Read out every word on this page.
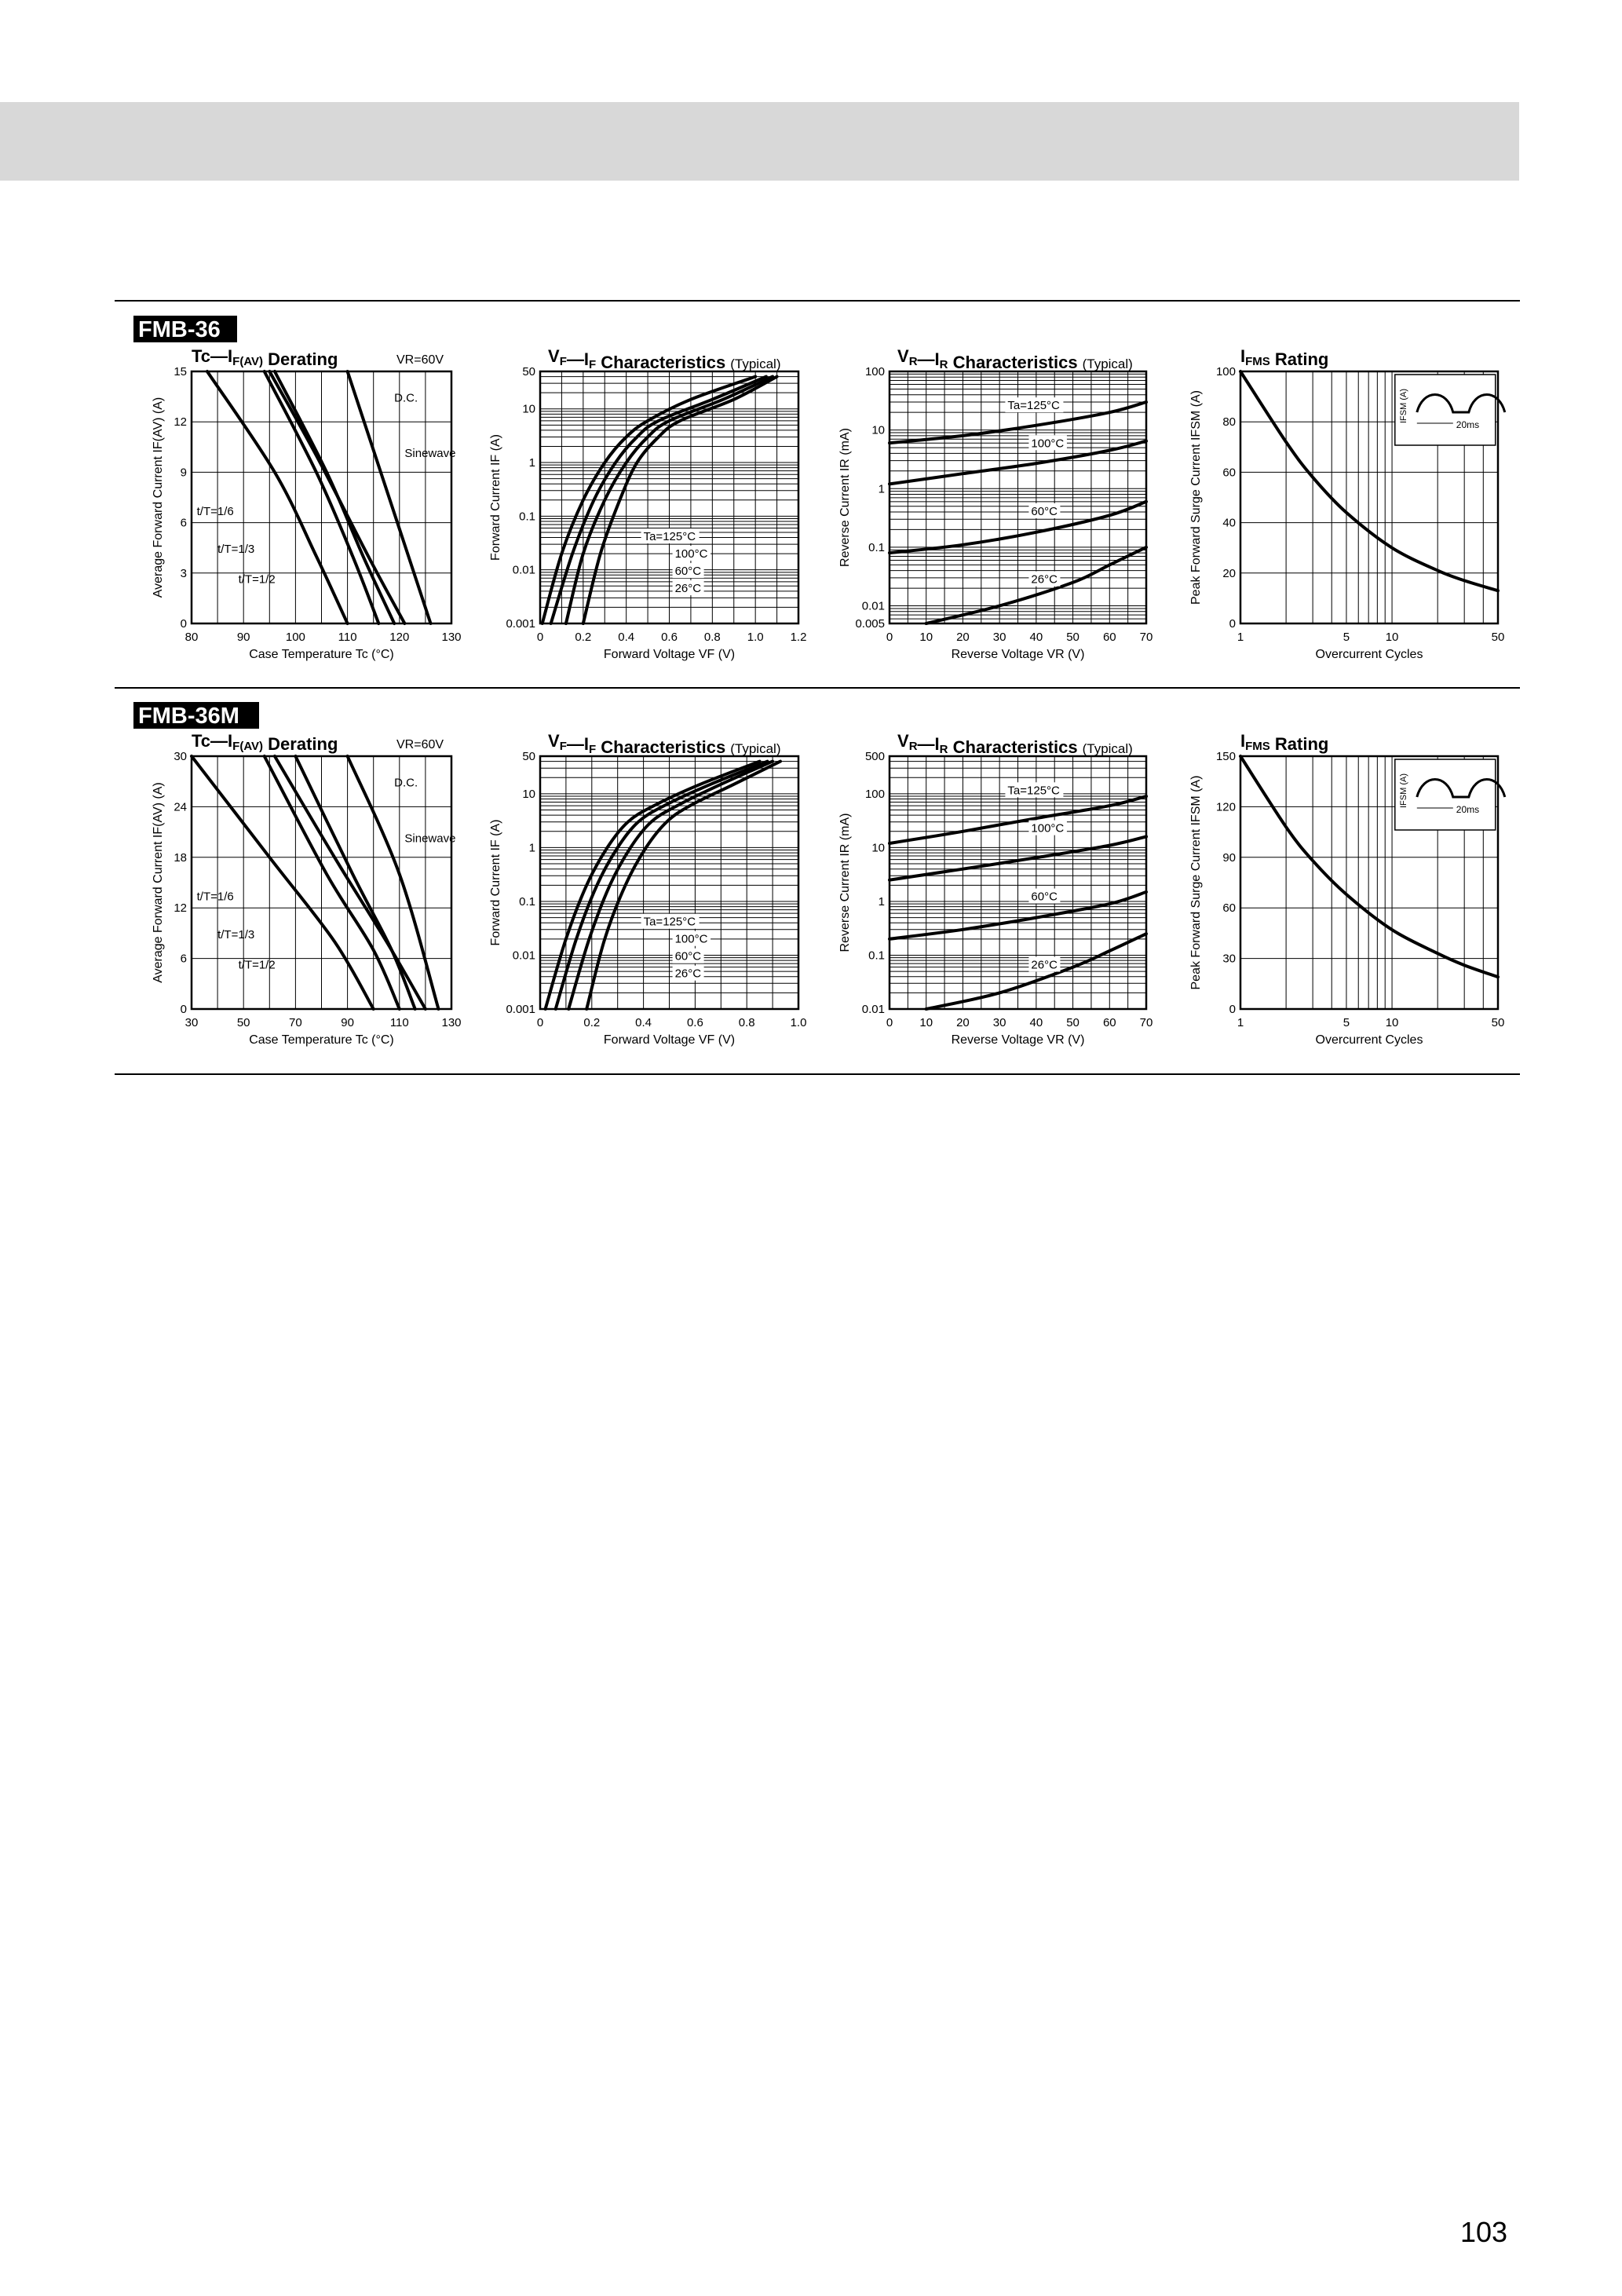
FMB-36
FMB-36M
80	90	100	110	120	130
0
3
6
9
12
15
Case Temperature Tc (°C)
Average Forward Current IF(AV) (A)
Tc—IF(AV) Derating	VR=60V
D.C.
Sinewave
t/T=1/6
t/T=1/3
t/T=1/2
0	0.2 0.4 0.6 0.8 1.0 1.2
0.001
0.01
0.1
1
10
50
Forward Voltage VF (V)
Forward Current IF (A)
VF—IF Characteristics (Typical)
Ta=125°C
100°C
60°C
26°C
0 10 20 30 40 50 60 70
0.005
0.01
0.1
1
10
100
Reverse Voltage VR (V)
Reverse Current IR (mA)
VR—IR Characteristics (Typical)
Ta=125°C
100°C
60°C
26°C
1	5	10	50
0
20
40
60
80
100
Overcurrent Cycles
Peak Forward Surge Current IFSM (A)
IFMS Rating
IFSM (A)
20ms
30	50	70	90	110	130
0
6
12
18
24
30
Case Temperature Tc (°C)
Average Forward Current IF(AV) (A)
Tc—IF(AV) Derating	VR=60V
D.C.
Sinewave
t/T=1/6
t/T=1/3
t/T=1/2
0	0.2	0.4	0.6	0.8	1.0
0.001
0.01
0.1
1
10
50
Forward Voltage VF (V)
Forward Current IF (A)
VF—IF Characteristics (Typical)
Ta=125°C
100°C
60°C
26°C
0 10 20 30 40 50 60 70
0.01
0.1
1
10
100
500
Reverse Voltage VR (V)
Reverse Current IR (mA)
VR—IR Characteristics (Typical)
Ta=125°C
100°C
60°C
26°C
1	5	10	50
0
30
60
90
120
150
Overcurrent Cycles
Peak Forward Surge Current IFSM (A)
IFMS Rating
IFSM (A)
20ms
103
